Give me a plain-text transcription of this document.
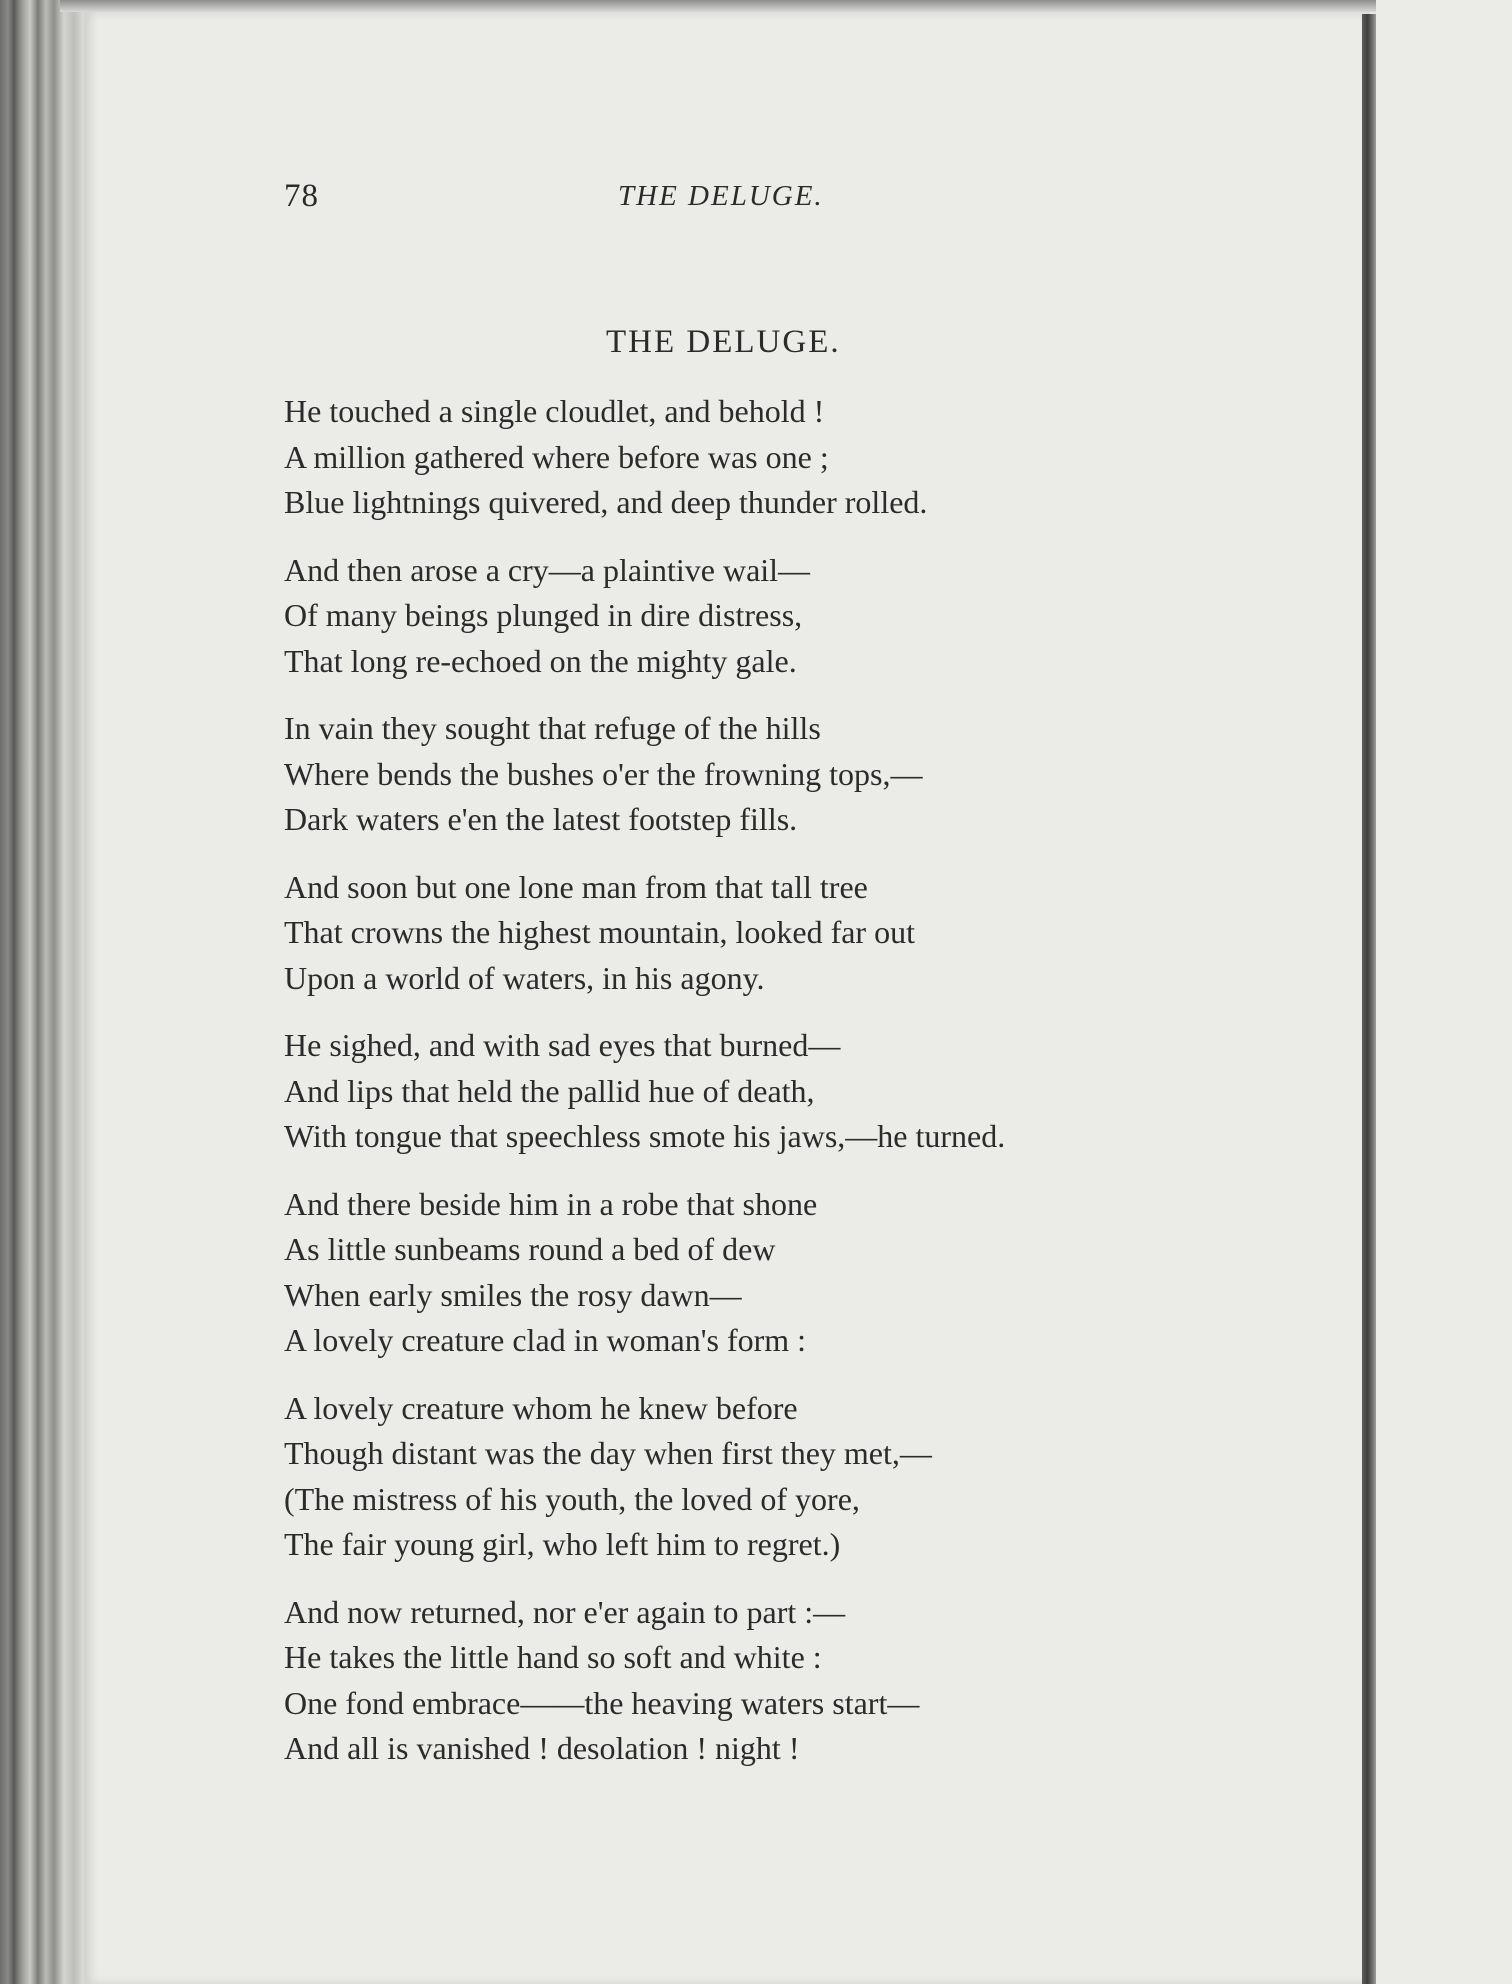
78	THE DELUGE.
THE DELUGE.
He touched a single cloudlet, and behold !
A million gathered where before was one ;
Blue lightnings quivered, and deep thunder rolled.
And then arose a cry—a plaintive wail—
Of many beings plunged in dire distress,
That long re-echoed on the mighty gale.
In vain they sought that refuge of the hills
Where bends the bushes o'er the frowning tops,—
Dark waters e'en the latest footstep fills.
And soon but one lone man from that tall tree
That crowns the highest mountain, looked far out
Upon a world of waters, in his agony.
He sighed, and with sad eyes that burned—
And lips that held the pallid hue of death,
With tongue that speechless smote his jaws,—he turned.
And there beside him in a robe that shone
As little sunbeams round a bed of dew
When early smiles the rosy dawn—
A lovely creature clad in woman's form :
A lovely creature whom he knew before
Though distant was the day when first they met,—
(The mistress of his youth, the loved of yore,
The fair young girl, who left him to regret.)
And now returned, nor e'er again to part :—
He takes the little hand so soft and white :
One fond embrace——the heaving waters start—
And all is vanished ! desolation ! night !
